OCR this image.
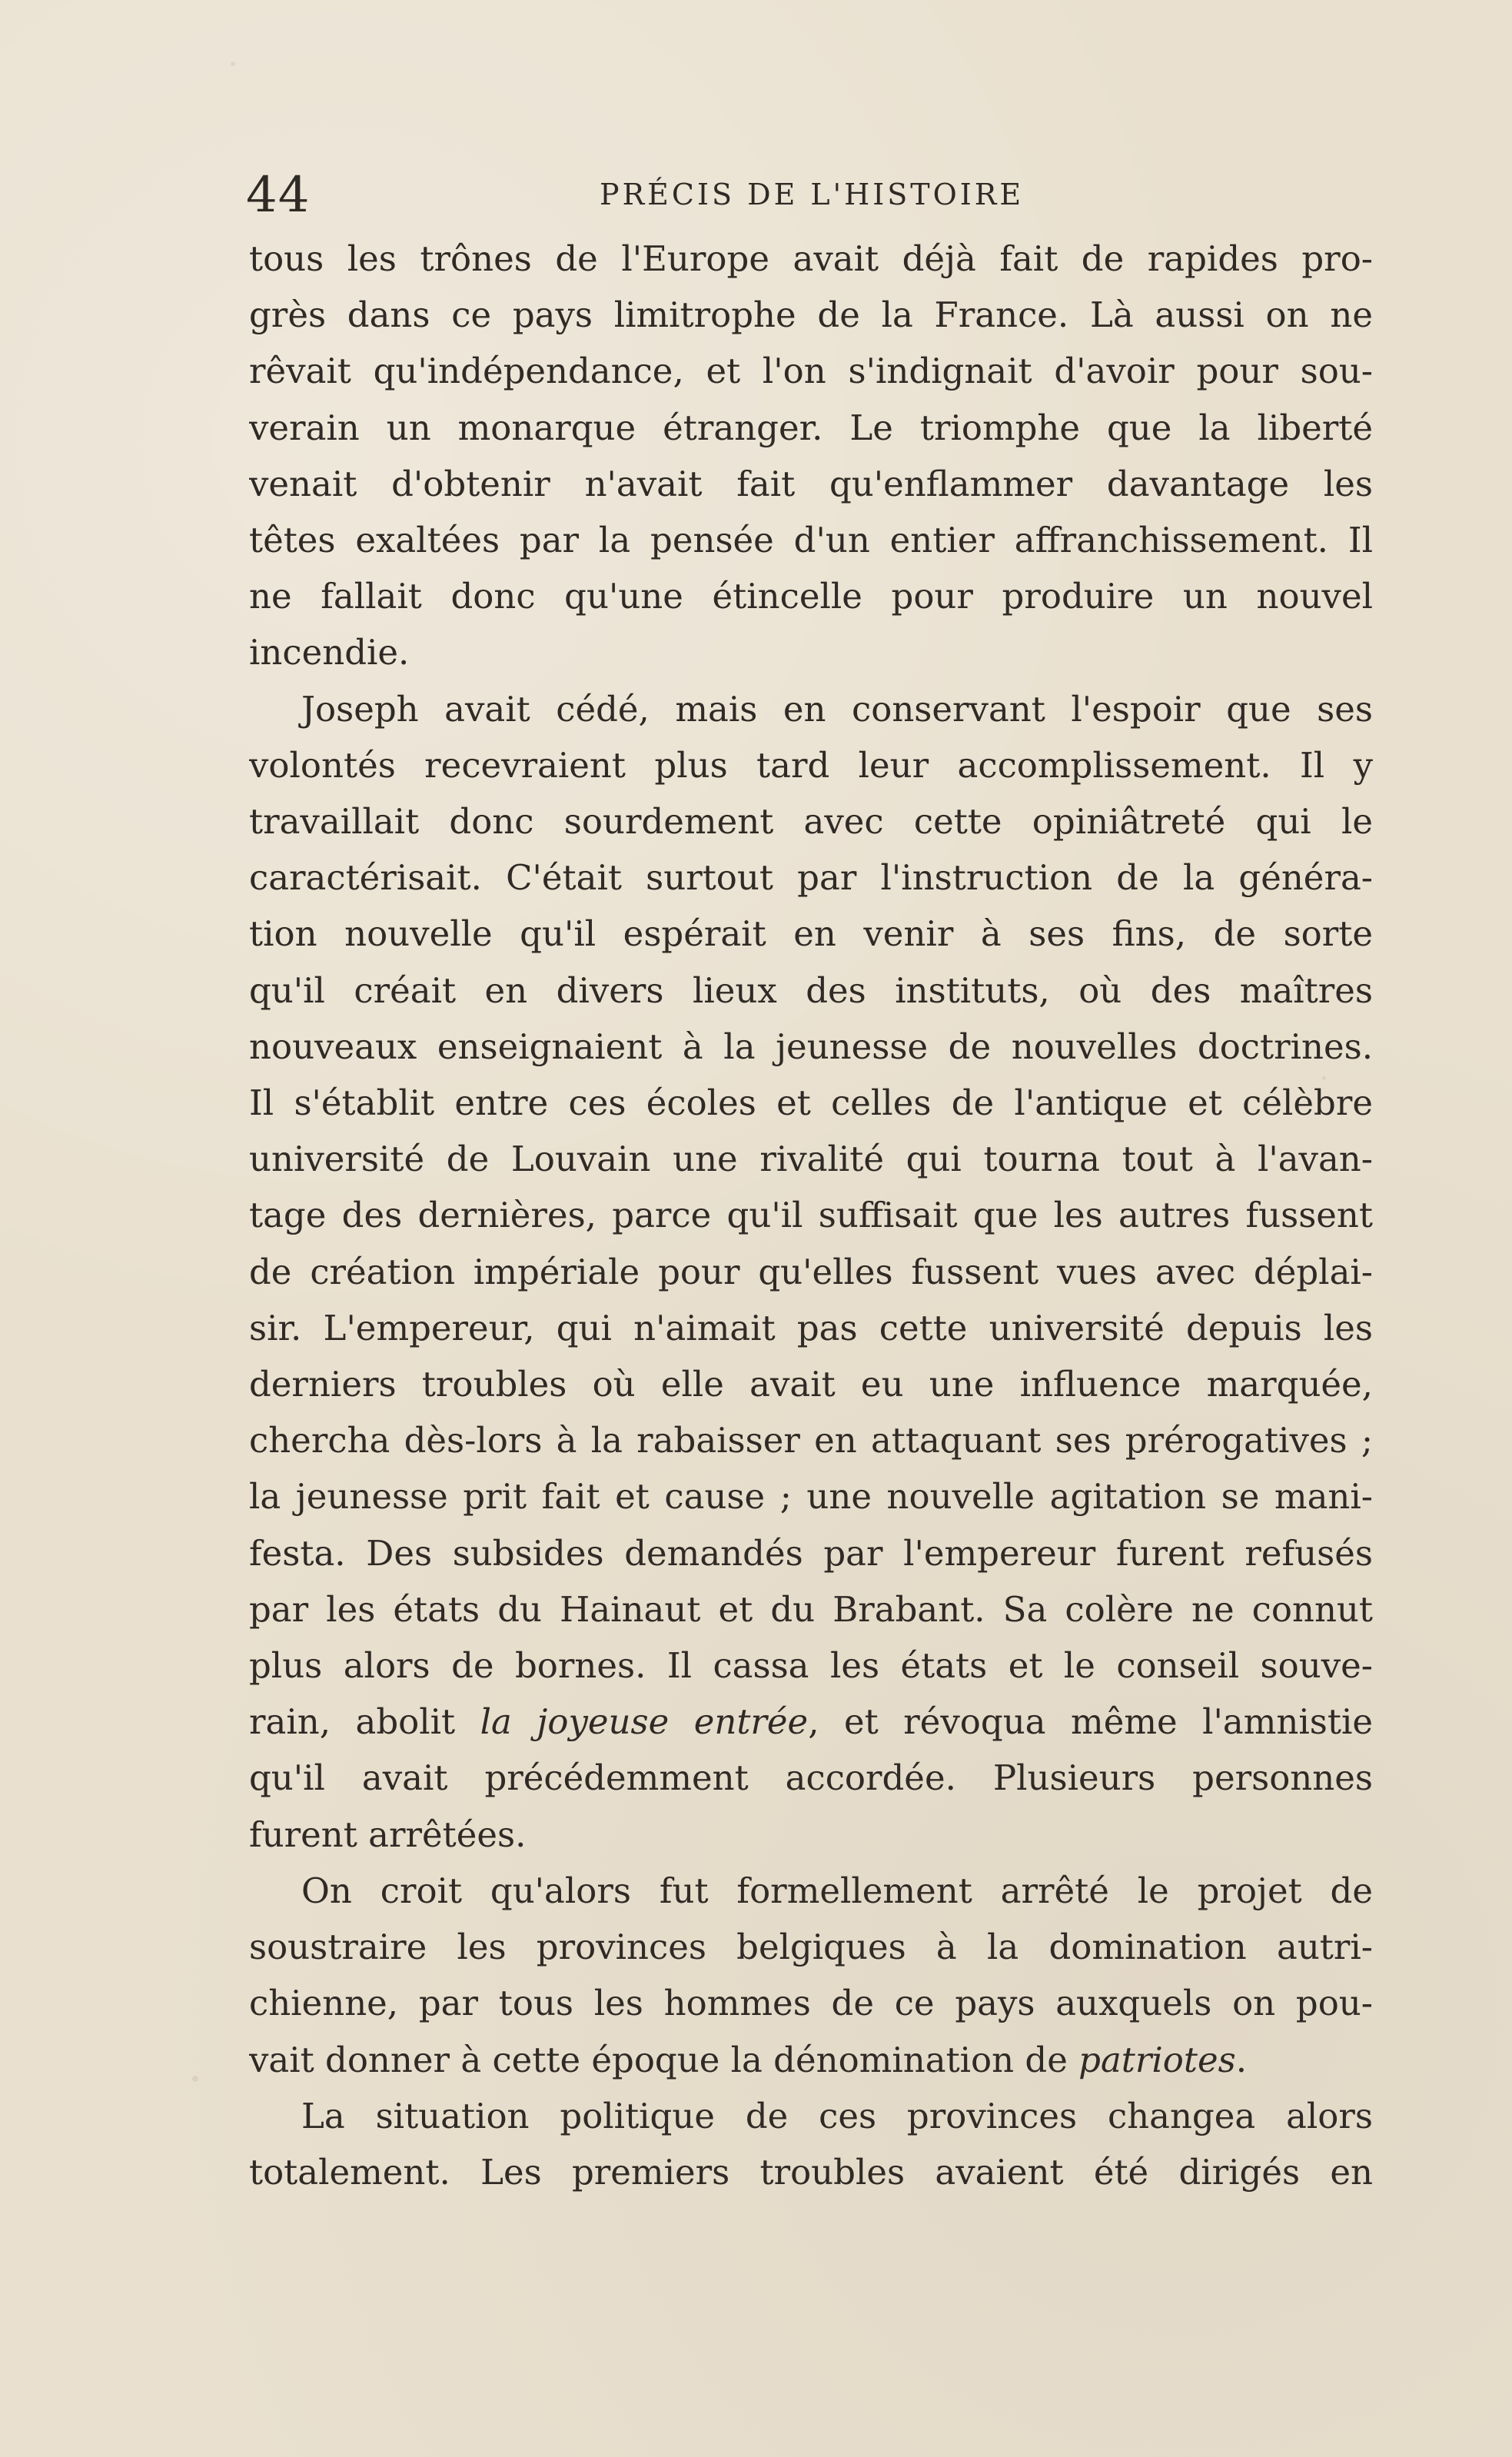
44	PRÉCIS DE L'HISTOIRE
tous les trônes de l'Europe avait déjà fait de rapides pro-
grès dans ce pays limitrophe de la France. Là aussi on ne
rêvait qu'indépendance, et l'on s'indignait d'avoir pour sou-
verain un monarque étranger. Le triomphe que la liberté
venait d'obtenir n'avait fait qu'enflammer davantage les
têtes exaltées par la pensée d'un entier affranchissement. Il
ne fallait donc qu'une étincelle pour produire un nouvel
incendie.
Joseph avait cédé, mais en conservant l'espoir que ses
volontés recevraient plus tard leur accomplissement. Il y
travaillait donc sourdement avec cette opiniâtreté qui le
caractérisait. C'était surtout par l'instruction de la généra-
tion nouvelle qu'il espérait en venir à ses fins, de sorte
qu'il créait en divers lieux des instituts, où des maîtres
nouveaux enseignaient à la jeunesse de nouvelles doctrines.
Il s'établit entre ces écoles et celles de l'antique et célèbre
université de Louvain une rivalité qui tourna tout à l'avan-
tage des dernières, parce qu'il suffisait que les autres fussent
de création impériale pour qu'elles fussent vues avec déplai-
sir. L'empereur, qui n'aimait pas cette université depuis les
derniers troubles où elle avait eu une influence marquée,
chercha dès-lors à la rabaisser en attaquant ses prérogatives ;
la jeunesse prit fait et cause ; une nouvelle agitation se mani-
festa. Des subsides demandés par l'empereur furent refusés
par les états du Hainaut et du Brabant. Sa colère ne connut
plus alors de bornes. Il cassa les états et le conseil souve-
rain, abolit la joyeuse entrée, et révoqua même l'amnistie
qu'il avait précédemment accordée. Plusieurs personnes
furent arrêtées.
On croit qu'alors fut formellement arrêté le projet de
soustraire les provinces belgiques à la domination autri-
chienne, par tous les hommes de ce pays auxquels on pou-
vait donner à cette époque la dénomination de patriotes.
La situation politique de ces provinces changea alors
totalement. Les premiers troubles avaient été dirigés en
